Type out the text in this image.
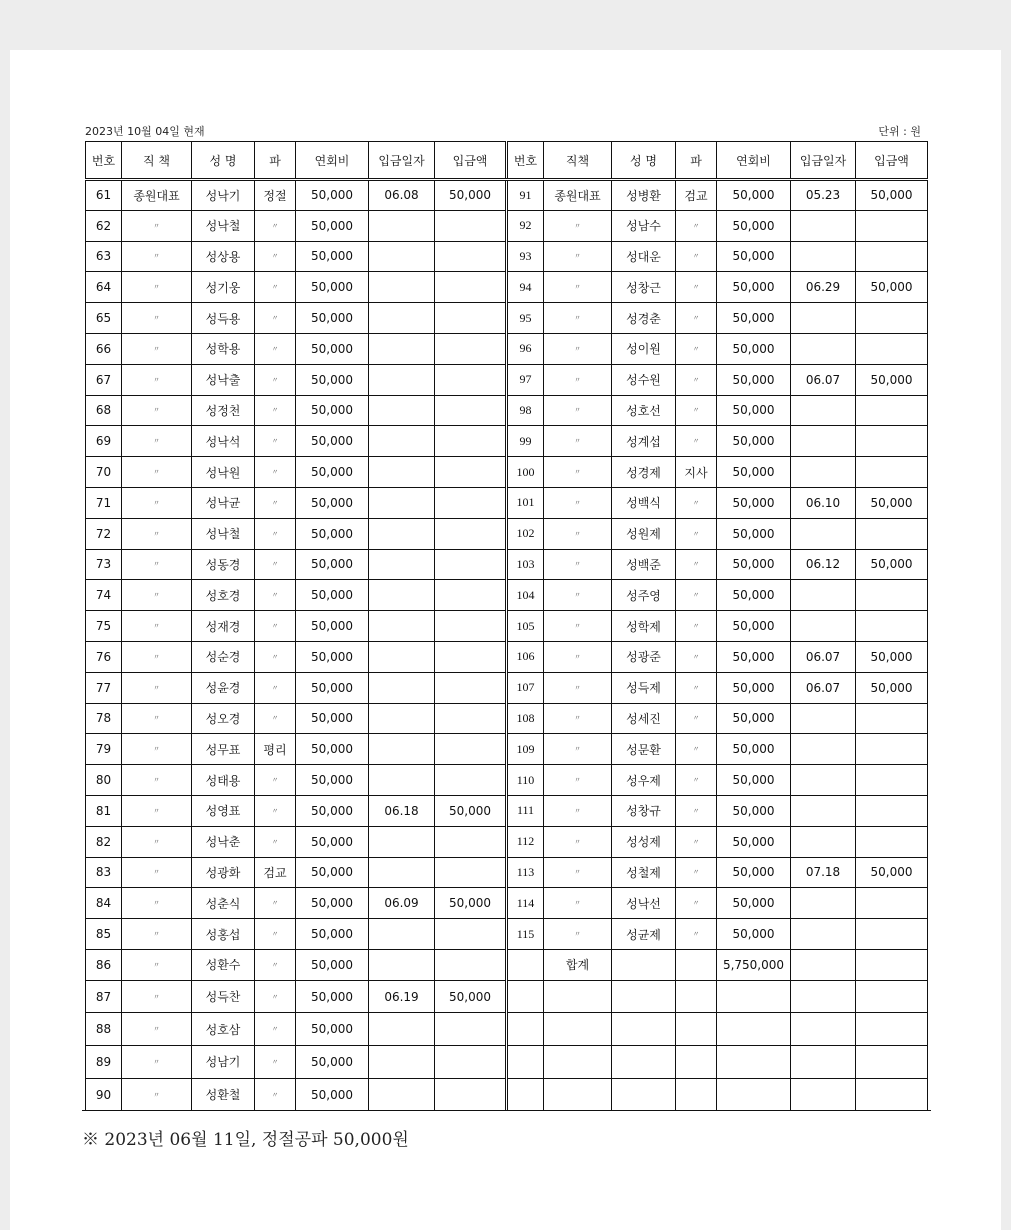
2023년 10월 04일 현재	단위 : 원
번호	직 책	성 명	파	연회비	입금일자	입금액	번호	직책	성 명	파	연회비	입금일자	입금액
61	종원대표	성낙기	정절	50,000	06.08	50,000	91	종원대표	성병환	검교	50,000	05.23	50,000
62	〃	성낙철	〃	50,000			92	〃	성남수	〃	50,000		
63	〃	성상용	〃	50,000			93	〃	성대운	〃	50,000		
64	〃	성기웅	〃	50,000			94	〃	성창근	〃	50,000	06.29	50,000
65	〃	성득용	〃	50,000			95	〃	성경춘	〃	50,000		
66	〃	성학용	〃	50,000			96	〃	성이원	〃	50,000		
67	〃	성낙출	〃	50,000			97	〃	성수원	〃	50,000	06.07	50,000
68	〃	성정천	〃	50,000			98	〃	성호선	〃	50,000		
69	〃	성낙석	〃	50,000			99	〃	성계섭	〃	50,000		
70	〃	성낙원	〃	50,000			100	〃	성경제	지사	50,000		
71	〃	성낙균	〃	50,000			101	〃	성백식	〃	50,000	06.10	50,000
72	〃	성낙철	〃	50,000			102	〃	성원제	〃	50,000		
73	〃	성동경	〃	50,000			103	〃	성백준	〃	50,000	06.12	50,000
74	〃	성호경	〃	50,000			104	〃	성주영	〃	50,000		
75	〃	성재경	〃	50,000			105	〃	성학제	〃	50,000		
76	〃	성순경	〃	50,000			106	〃	성광준	〃	50,000	06.07	50,000
77	〃	성윤경	〃	50,000			107	〃	성득제	〃	50,000	06.07	50,000
78	〃	성오경	〃	50,000			108	〃	성세진	〃	50,000		
79	〃	성무표	평리	50,000			109	〃	성문환	〃	50,000		
80	〃	성태용	〃	50,000			110	〃	성우제	〃	50,000		
81	〃	성영표	〃	50,000	06.18	50,000	111	〃	성창규	〃	50,000		
82	〃	성낙춘	〃	50,000			112	〃	성성제	〃	50,000		
83	〃	성광화	검교	50,000			113	〃	성철제	〃	50,000	07.18	50,000
84	〃	성춘식	〃	50,000	06.09	50,000	114	〃	성낙선	〃	50,000		
85	〃	성홍섭	〃	50,000			115	〃	성균제	〃	50,000		
86	〃	성환수	〃	50,000				합계			5,750,000		
87	〃	성득찬	〃	50,000	06.19	50,000							
88	〃	성호삼	〃	50,000									
89	〃	성남기	〃	50,000									
90	〃	성환철	〃	50,000									
※ 2023년 06월 11일, 정절공파 50,000원
